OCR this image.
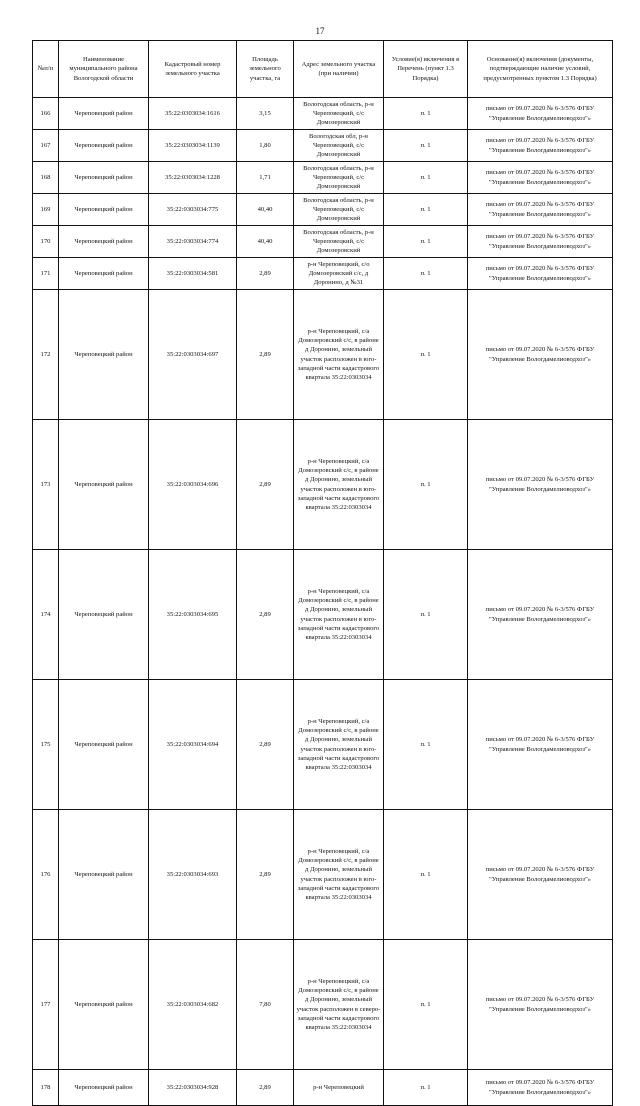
17
№п/п	Наименование муниципального района Вологодской области	Кадастровый номер земельного участка	Площадь земельного участка, га	Адрес земельного участка (при наличии)	Условие(я) включения в Перечень (пункт 1.3 Порядка)	Основание(я) включения (документы, подтверждающие наличие условий, предусмотренных пунктом 1.3 Порядка)
166	Череповецкий район	35:22:0303034:1616	3,15	Вологодская область, р-н Череповецкий, с/с Домозеровский	п. 1	письмо от 09.07.2020 № 6-3/576 ФГБУ "Управление Вологдамелиоводхоз"»
167	Череповецкий район	35:22:0303034:1139	1,80	Вологодская обл, р-н Череповецкий, с/с Домозеровский	п. 1	письмо от 09.07.2020 № 6-3/576 ФГБУ "Управление Вологдамелиоводхоз"»
168	Череповецкий район	35:22:0303034:1228	1,71	Вологодская область, р-н Череповецкий, с/с Домозеровский	п. 1	письмо от 09.07.2020 № 6-3/576 ФГБУ "Управление Вологдамелиоводхоз"»
169	Череповецкий район	35:22:0303034:775	40,40	Вологодская область, р-н Череповецкий, с/с Домозеровский	п. 1	письмо от 09.07.2020 № 6-3/576 ФГБУ "Управление Вологдамелиоводхоз"»
170	Череповецкий район	35:22:0303034:774	40,40	Вологодская область, р-н Череповецкий, с/с Домозеровский	п. 1	письмо от 09.07.2020 № 6-3/576 ФГБУ "Управление Вологдамелиоводхоз"»
171	Череповецкий район	35:22:0303034:581	2,89	р-н Череповецкий, с/о Домозеровский с/с, д Доронино, д №31	п. 1	письмо от 09.07.2020 № 6-3/576 ФГБУ "Управление Вологдамелиоводхоз"»
172	Череповецкий район	35:22:0303034:697	2,89	р-н Череповецкий, с/а Домозеровский с/с, в районе д Доронино, земельный участок расположен в юго-западной части кадастрового квартала 35:22:0303034	п. 1	письмо от 09.07.2020 № 6-3/576 ФГБУ "Управление Вологдамелиоводхоз"»
173	Череповецкий район	35:22:0303034:696	2,89	р-н Череповецкий, с/а Домозеровский с/с, в районе д Доронино, земельный участок расположен в юго-западной части кадастрового квартала 35:22:0303034	п. 1	письмо от 09.07.2020 № 6-3/576 ФГБУ "Управление Вологдамелиоводхоз"»
174	Череповецкий район	35:22:0303034:695	2,89	р-н Череповецкий, с/а Домозеровский с/с, в районе д Доронино, земельный участок расположен в юго-западной части кадастрового квартала 35:22:0303034	п. 1	письмо от 09.07.2020 № 6-3/576 ФГБУ "Управление Вологдамелиоводхоз"»
175	Череповецкий район	35:22:0303034:694	2,89	р-н Череповецкий, с/а Домозеровский с/с, в районе д Доронино, земельный участок расположен в юго-западной части кадастрового квартала 35:22:0303034	п. 1	письмо от 09.07.2020 № 6-3/576 ФГБУ "Управление Вологдамелиоводхоз"»
176	Череповецкий район	35:22:0303034:693	2,89	р-н Череповецкий, с/а Домозеровский с/с, в районе д Доронино, земельный участок расположен в юго-западной части кадастрового квартала 35:22:0303034	п. 1	письмо от 09.07.2020 № 6-3/576 ФГБУ "Управление Вологдамелиоводхоз"»
177	Череповецкий район	35:22:0303034:682	7,80	р-н Череповецкий, с/а Домозеровский с/с, в районе д Доронино, земельный участок расположен в северо-западной части кадастрового квартала 35:22:0303034	п. 1	письмо от 09.07.2020 № 6-3/576 ФГБУ "Управление Вологдамелиоводхоз"»
178	Череповецкий район	35:22:0303034:928	2,89	р-н Череповецкий	п. 1	письмо от 09.07.2020 № 6-3/576 ФГБУ "Управление Вологдамелиоводхоз"»
